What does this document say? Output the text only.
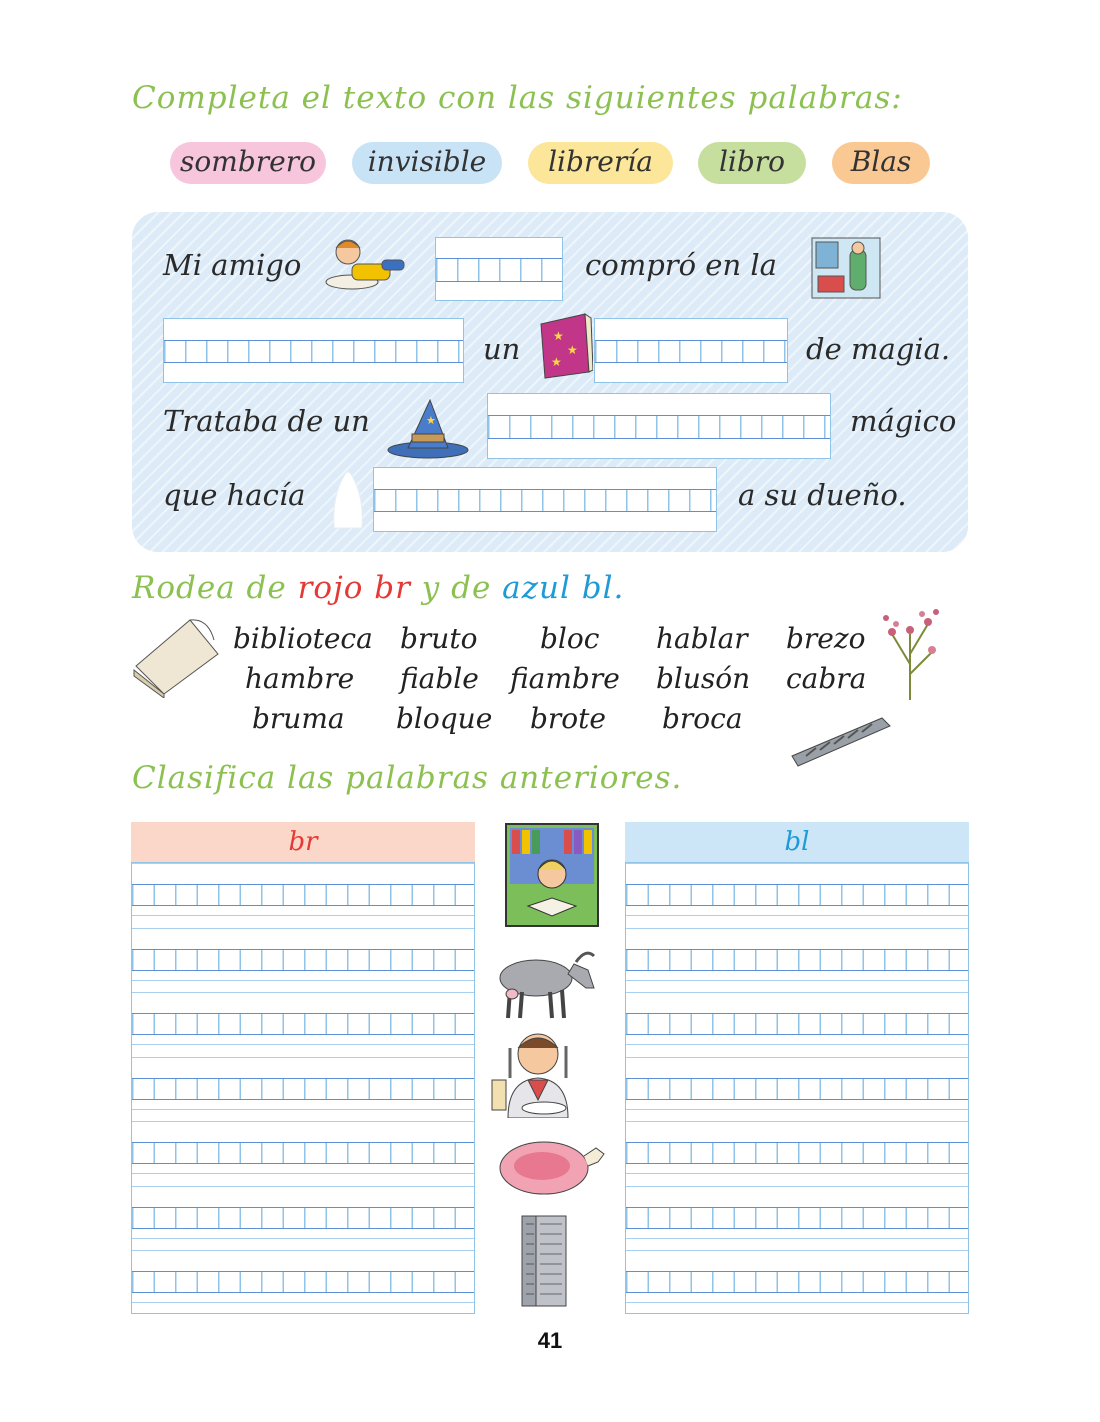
Completa el texto con las siguientes palabras:
sombrero	invisible	librería	libro	Blas
Mi amigo	compró en la
un	★
★
★	de magia.
Trataba de un	★	mágico
que hacía	a su dueño.
Rodea de rojo br y de azul bl.
biblioteca bruto bloc hablar brezo
hambre fiable fiambre blusón cabra
bruma bloque brote broca
Clasifica las palabras anteriores.
br	bl
41
